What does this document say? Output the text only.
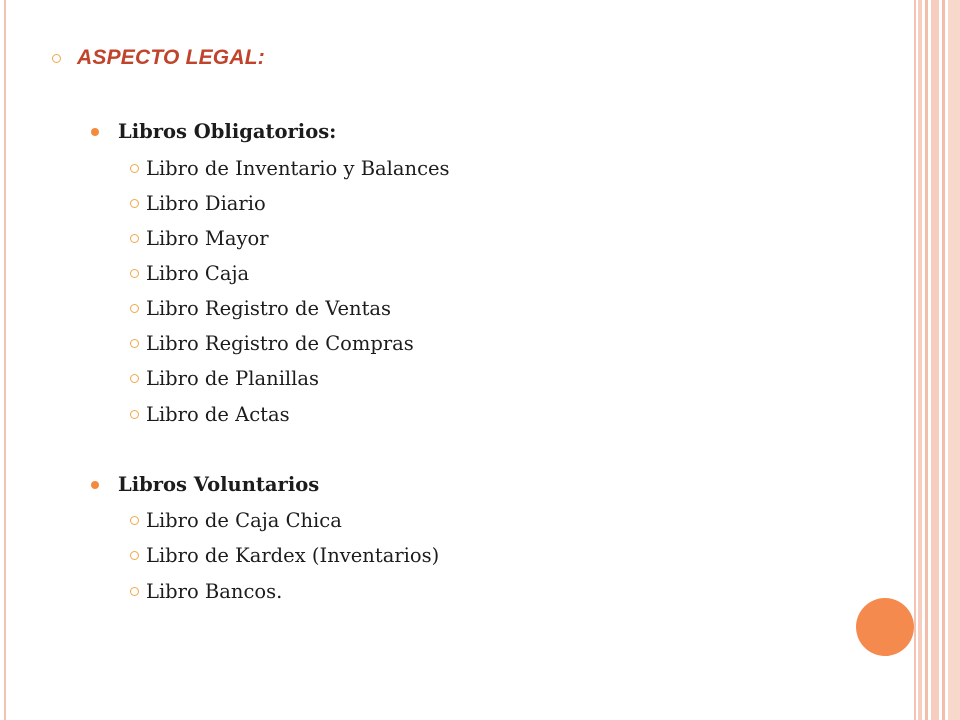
ASPECTO LEGAL:
Libros Obligatorios:
Libro de Inventario y Balances
Libro Diario
Libro Mayor
Libro Caja
Libro Registro de Ventas
Libro Registro de Compras
Libro de Planillas
Libro de Actas
Libros Voluntarios
Libro de Caja Chica
Libro de Kardex (Inventarios)
Libro Bancos.
